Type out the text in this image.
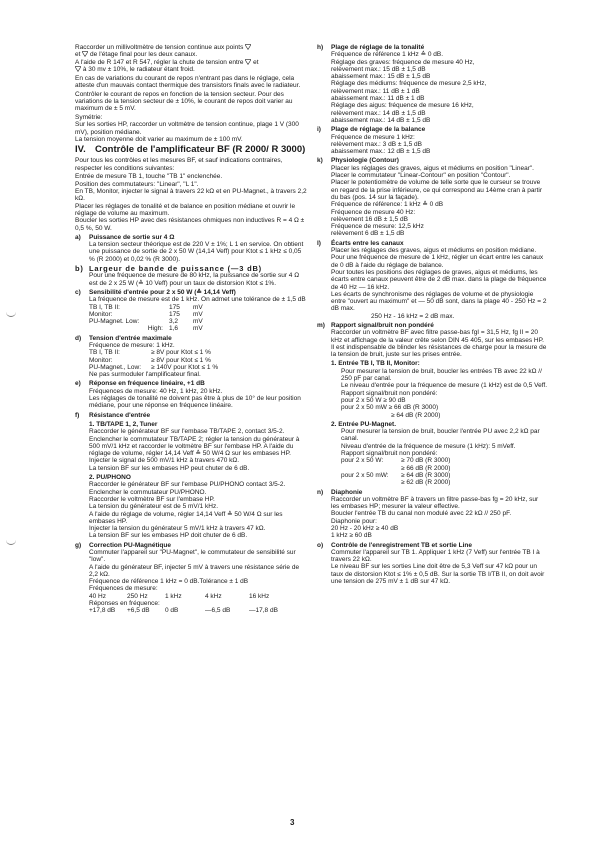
Raccorder un millivoltmètre de tension continue aux points
et de l'étage final pour les deux canaux.
A l'aide de R 147 et R 547, régler la chute de tension entre et
à 30 mv ± 10%, le radiateur étant froid.

En cas de variations du courant de repos n'entrant pas dans le réglage, cela atteste d'un mauvais contact thermique des transistors finals avec le radiateur.

Contrôler le courant de repos en fonction de la tension secteur. Pour des variations de la tension secteur de ± 10%, le courant de repos doit varier au maximum de ± 5 mV.

Symétrie:

Sur les sorties HP, raccorder un voltmètre de tension continue, plage 1 V (300 mV), position médiane.

La tension moyenne doit varier au maximum de ± 100 mV.

IV. Contrôle de l'amplificateur BF (R 2000/ R 3000)

Pour tous les contrôles et les mesures BF, et sauf indications contraires, respecter les conditions suivantes:

Entrée de mesure TB 1, touche "TB 1" enclenchée.

Position des commutateurs: "Linear", "L 1".

En TB, Monitor, injecter le signal à travers 22 kΩ et en PU-Magnet., à travers 2,2 kΩ.

Placer les réglages de tonalité et de balance en position médiane et ouvrir le réglage de volume au maximum.

Boucler les sorties HP avec des résistances ohmiques non inductives R = 4 Ω ± 0,5 %, 50 W.

a)	Puissance de sortie sur 4 Ω

La tension secteur théorique est de 220 V ± 1%; L 1 en service. On obtient une puissance de sortie de 2 x 50 W (14,14 Veff) pour Ktot ≤ 1 kHz ≤ 0,05 % (R 2000) et 0,02 % (R 3000).

b) Largeur de bande de puissance (—3 dB)

Pour une fréquence de mesure de 80 kHz, la puissance de sortie sur 4 Ω est de 2 x 25 W (≙ 10 Veff) pour un taux de distorsion Ktot ≤ 1%.

c)	Sensibilité d'entrée pour 2 x 50 W (≙ 14,14 Veff)

La fréquence de mesure est de 1 kHz. On admet une tolérance de ± 1,5 dB

TB I, TB II:	175	mV
Monitor:	175	mV
PU-Magnet. Low:	3,2	mV
High: 1,6	mV
d)	Tension d'entrée maximale

Fréquence de mesure: 1 kHz.

TB I, TB II:	≥ 8V pour Ktot ≤ 1 %
Monitor:	≥ 8V pour Ktot ≤ 1 %
PU-Magnet., Low:	≥ 140V pour Ktot ≤ 1 %

Ne pas surmoduler l'amplificateur final.

e)	Réponse en fréquence linéaire, +1 dB

Fréquences de mesure: 40 Hz, 1 kHz, 20 kHz.

Les réglages de tonalité ne doivent pas être à plus de 10° de leur position médiane, pour une réponse en fréquence linéaire.

f)	Résistance d'entrée
1. TB/TAPE 1, 2, Tuner

Raccorder le générateur BF sur l'embase TB/TAPE 2, contact 3/5-2.

Enclencher le commutateur TB/TAPE 2; régler la tension du générateur à 500 mV/1 kHz et raccorder le voltmètre BF sur l'embase HP. A l'aide du réglage de volume, régler 14,14 Veff ≙ 50 W/4 Ω sur les embases HP.

Injecter le signal de 500 mV/1 kHz à travers 470 kΩ.

La tension BF sur les embases HP peut chuter de 6 dB.

2. PU/PHONO

Raccorder le générateur BF sur l'embase PU/PHONO contact 3/5-2.

Enclencher le commutateur PU/PHONO.

Raccorder le voltmètre BF sur l'embase HP.

La tension du générateur est de 5 mV/1 kHz.

A l'aide du réglage de volume, régler 14,14 Veff ≙ 50 W/4 Ω sur les embases HP.

Injecter la tension du générateur 5 mV/1 kHz à travers 47 kΩ.

La tension BF sur les embases HP doit chuter de 6 dB.

g)	Correction PU-Magnétique

Commuter l'appareil sur "PU-Magnet", le commutateur de sensibilité sur "low".

A l'aide du générateur BF, injecter 5 mV à travers une résistance série de 2,2 kΩ.

Fréquence de référence 1 kHz = 0 dB.Tolérance ± 1 dB

Fréquences de mesure:

40 Hz	250 Hz	1 kHz	4 kHz	16 kHz

Réponses en fréquence:

+17,8 dB	+6,5 dB	0 dB	—6,5 dB	—17,8 dB
h)	Plage de réglage de la tonalité

Fréquence de référence 1 kHz ≙ 0 dB.

Réglage des graves: fréquence de mesure 40 Hz,

relèvement max.: 15 dB ± 1,5 dB

abaissement max.: 15 dB ± 1,5 dB

Réglage des médiums: fréquence de mesure 2,5 kHz,

relèvement max.: 11 dB ± 1 dB

abaissement max.: 11 dB ± 1 dB

Réglage des aigus: fréquence de mesure 16 kHz,

relèvement max.: 14 dB ± 1,5 dB

abaissement max.: 14 dB ± 1,5 dB

i)	Plage de réglage de la balance

Fréquence de mesure 1 kHz:

relèvement max.: 3 dB ± 1,5 dB

abaissement max.: 12 dB ± 1,5 dB

k)	Physiologie (Contour)

Placer les réglages des graves, aigus et médiums en position "Linear". Placer le commutateur "Linear-Contour" en position "Contour".

Placer le potentiomètre de volume de telle sorte que le curseur se trouve en regard de la prise inférieure, ce qui correspond au 14ème cran à partir du bas (pos. 14 sur la façade).

Fréquence de référence: 1 kHz ≙ 0 dB

Fréquence de mesure 40 Hz:

relèvement 16 dB ± 1,5 dB

Fréquence de mesure: 12,5 kHz

relèvement 6 dB ± 1,5 dB

l)	Écarts entre les canaux

Placer les réglages des graves, aigus et médiums en position médiane.

Pour une fréquence de mesure de 1 kHz, régler un écart entre les canaux de 0 dB à l'aide du réglage de balance.

Pour toutes les positions des réglages de graves, aigus et médiums, les écarts entre canaux peuvent être de 2 dB max. dans la plage de fréquence de 40 Hz — 16 kHz.

Les écarts de synchronisme des réglages de volume et de physiologie entre "ouvert au maximum" et — 50 dB sont, dans la plage 40 - 250 Hz = 2 dB max.

250 Hz - 16 kHz = 2 dB max.

m) Rapport signal/bruit non pondéré

Raccorder un voltmètre BF avec filtre passe-bas fgI = 31,5 Hz, fg II = 20 kHz et affichage de la valeur crête selon DIN 45 405, sur les embases HP.

Il est indispensable de blinder les résistances de charge pour la mesure de la tension de bruit, juste sur les prises entrée.

1. Entrée TB I, TB II, Monitor:

Pour mesurer la tension de bruit, boucler les entrées TB avec 22 kΩ // 250 pF par canal.

Le niveau d'entrée pour la fréquence de mesure (1 kHz) est de 0,5 Veff.

Rapport signal/bruit non pondéré:

pour 2 x 50 W ≥ 90 dB

pour 2 x 50 mW ≥ 66 dB (R 3000)

≥ 64 dB (R 2000)

2. Entrée PU-Magnet.

Pour mesurer la tension de bruit, boucler l'entrée PU avec 2,2 kΩ par canal.

Niveau d'entrée de la fréquence de mesure (1 kHz): 5 mVeff.

Rapport signal/bruit non pondéré:

pour 2 x 50 W:	≥ 70 dB (R 3000)
≥ 66 dB (R 2000)
pour 2 x 50 mW:	≥ 64 dB (R 3000)
≥ 62 dB (R 2000)
n)	Diaphonie

Raccorder un voltmètre BF à travers un filtre passe-bas fg = 20 kHz, sur les embases HP; mesurer la valeur effective.

Boucler l'entrée TB du canal non modulé avec 22 kΩ // 250 pF.

Diaphonie pour:

20 Hz - 20 kHz ≥ 40 dB

1 kHz ≥ 60 dB

o)	Contrôle de l'enregistrement TB et sortie Line

Commuter l'appareil sur TB 1. Appliquer 1 kHz (7 Veff) sur l'entrée TB I à travers 22 kΩ.

Le niveau BF sur les sorties Line doit être de 5,3 Veff sur 47 kΩ pour un taux de distorsion Ktot ≤ 1% ± 0,5 dB. Sur la sortie TB I/TB II, on doit avoir une tension de 275 mV ± 1 dB sur 47 kΩ.

3
